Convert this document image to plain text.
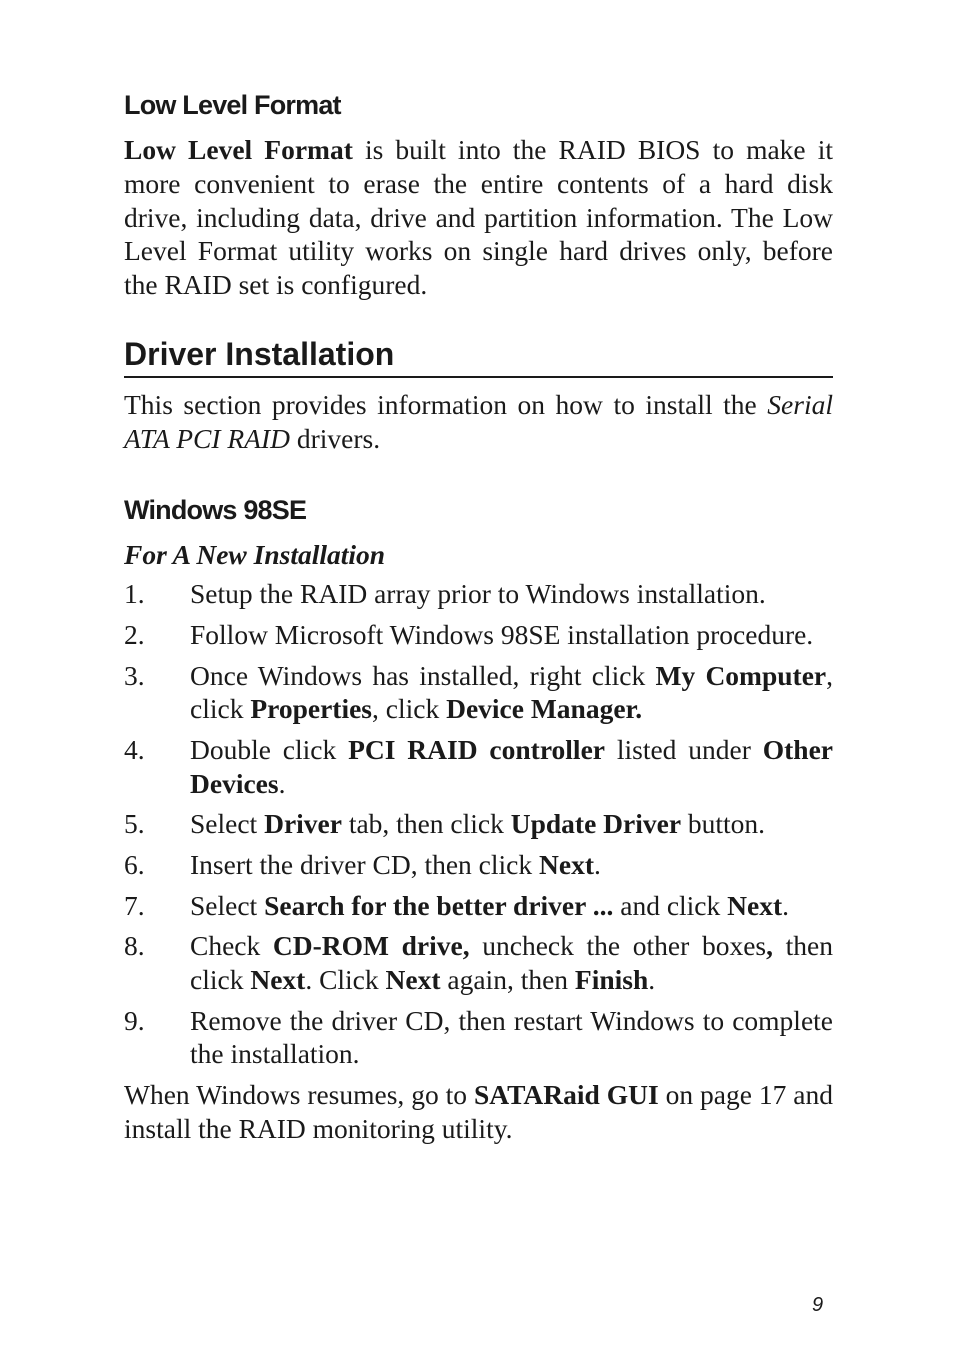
Low Level Format

Low Level Format is built into the RAID BIOS to make it more convenient to erase the entire contents of a hard disk drive, including data, drive and partition information. The Low Level Format utility works on single hard drives only, before the RAID set is configured.

Driver Installation

This section provides information on how to install the Serial ATA PCI RAID drivers.

Windows 98SE

For A New Installation

1. Setup the RAID array prior to Windows installation.
2. Follow Microsoft Windows 98SE installation procedure.
3. Once Windows has installed, right click My Computer, click Properties, click Device Manager.
4. Double click PCI RAID controller listed under Other Devices.
5. Select Driver tab, then click Update Driver button.
6. Insert the driver CD, then click Next.
7. Select Search for the better driver ... and click Next.
8. Check CD-ROM drive, uncheck the other boxes, then click Next. Click Next again, then Finish.
9. Remove the driver CD, then restart Windows to complete the installation.

When Windows resumes, go to SATARaid GUI on page 17 and install the RAID monitoring utility.

9
